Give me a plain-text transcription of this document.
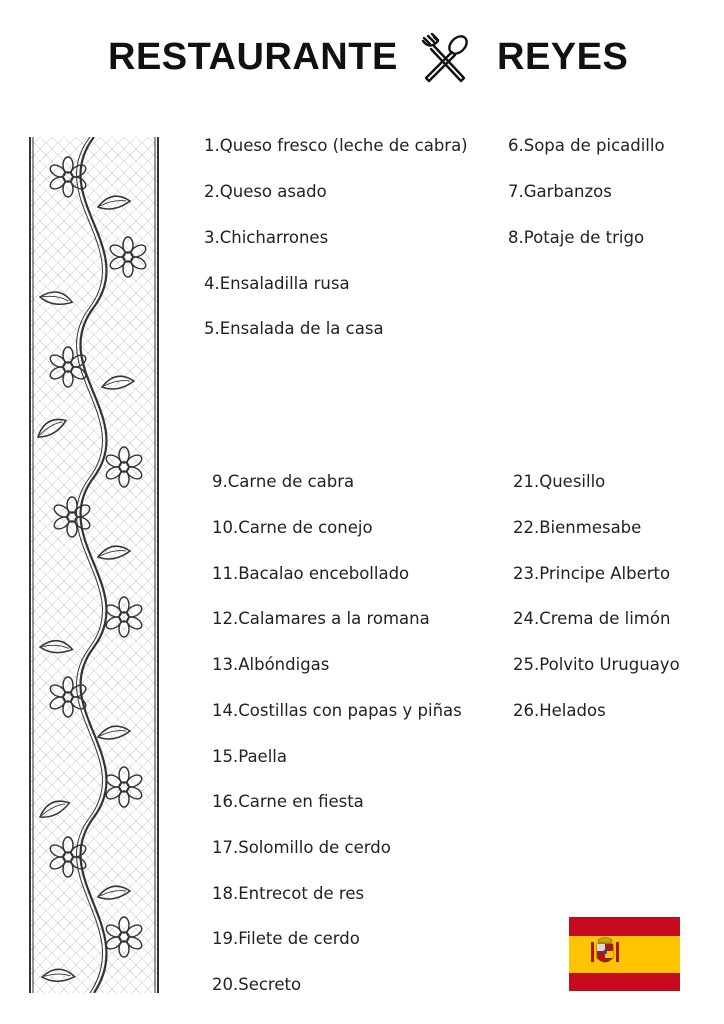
RESTAURANTE	REYES
1.Queso fresco (leche de cabra)
2.Queso asado
3.Chicharrones
4.Ensaladilla rusa
5.Ensalada de la casa
6.Sopa de picadillo
7.Garbanzos
8.Potaje de trigo
9.Carne de cabra
10.Carne de conejo
11.Bacalao encebollado
12.Calamares a la romana
13.Albóndigas
14.Costillas con papas y piñas
15.Paella
16.Carne en fiesta
17.Solomillo de cerdo
18.Entrecot de res
19.Filete de cerdo
20.Secreto
21.Quesillo
22.Bienmesabe
23.Principe Alberto
24.Crema de limón
25.Polvito Uruguayo
26.Helados
